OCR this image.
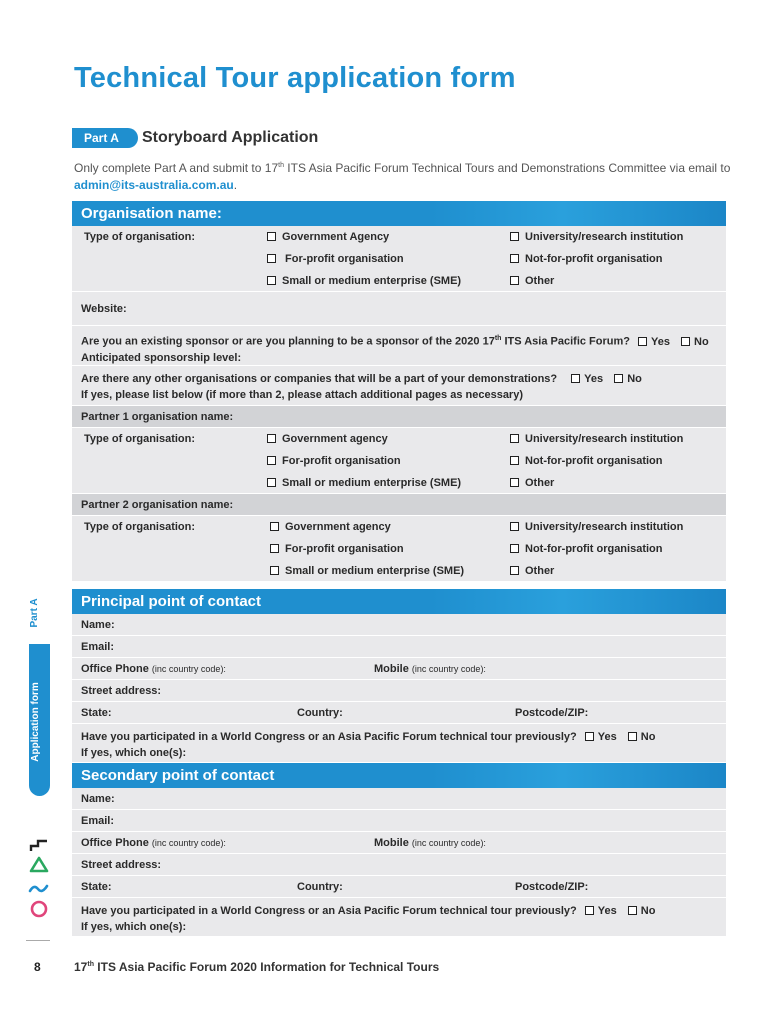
Technical Tour application form
Part A	Storyboard Application
Only complete Part A and submit to 17th ITS Asia Pacific Forum Technical Tours and Demonstrations Committee via email to admin@its-australia.com.au.
Organisation name:
Type of organisation:	Government Agency	University/research institution
For-profit organisation	Not-for-profit organisation
Small or medium enterprise (SME)	Other
Website:
Are you an existing sponsor or are you planning to be a sponsor of the 2020 17th ITS Asia Pacific Forum? Yes No
Anticipated sponsorship level:
Are there any other organisations or companies that will be a part of your demonstrations? Yes No
If yes, please list below (if more than 2, please attach additional pages as necessary)
Partner 1 organisation name:
Type of organisation:	Government agency	University/research institution
For-profit organisation	Not-for-profit organisation
Small or medium enterprise (SME)	Other
Partner 2 organisation name:
Type of organisation:	Government agency	University/research institution
For-profit organisation	Not-for-profit organisation
Small or medium enterprise (SME)	Other
Principal point of contact
Name:
Email:
Office Phone (inc country code):	Mobile (inc country code):
Street address:
State:	Country:	Postcode/ZIP:
Have you participated in a World Congress or an Asia Pacific Forum technical tour previously? Yes No
If yes, which one(s):
Secondary point of contact
Name:
Email:
Office Phone (inc country code):	Mobile (inc country code):
Street address:
State:	Country:	Postcode/ZIP:
Have you participated in a World Congress or an Asia Pacific Forum technical tour previously? Yes No
If yes, which one(s):
Part A
Application form
8	17th ITS Asia Pacific Forum 2020 Information for Technical Tours
